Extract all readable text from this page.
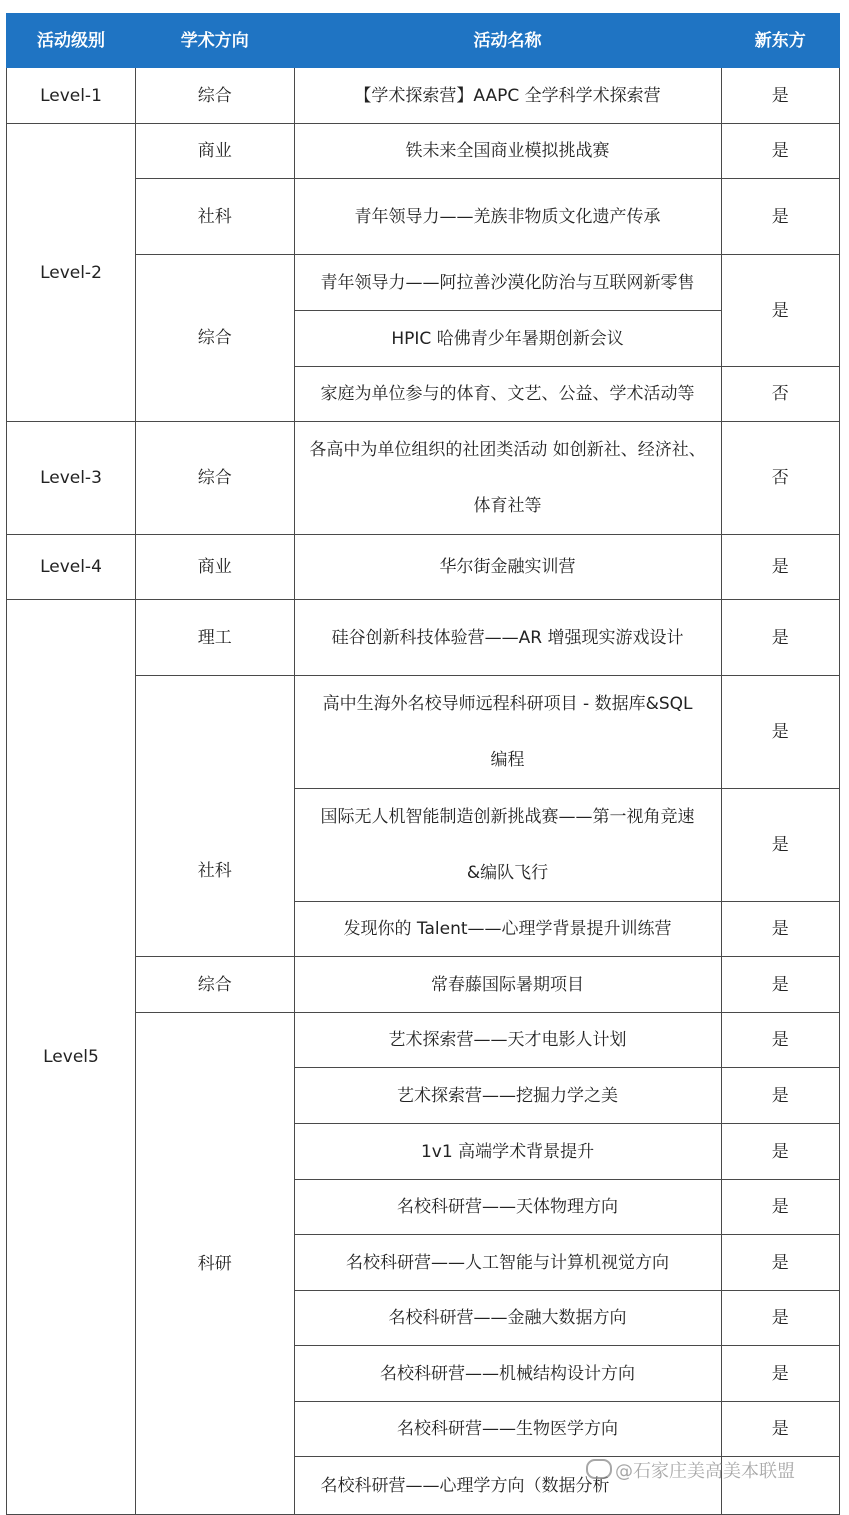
活动级别	学术方向	活动名称	新东方
Level-1	综合	【学术探索营】AAPC 全学科学术探索营	是
Level-2	商业	铁未来全国商业模拟挑战赛	是
	社科	青年领导力——羌族非物质文化遗产传承	是
	综合	青年领导力——阿拉善沙漠化防治与互联网新零售	是
		HPIC 哈佛青少年暑期创新会议	
		家庭为单位参与的体育、文艺、公益、学术活动等	否
Level-3	综合	各高中为单位组织的社团类活动 如创新社、经济社、
体育社等	否
Level-4	商业	华尔街金融实训营	是
Level5	理工	硅谷创新科技体验营——AR 增强现实游戏设计	是
	社科	高中生海外名校导师远程科研项目 - 数据库&SQL
编程	是

		国际无人机智能制造创新挑战赛——第一视角竞速
&编队飞行	是
		发现你的 Talent——心理学背景提升训练营	是
	综合	常春藤国际暑期项目	是
	科研	艺术探索营——天才电影人计划	是
		艺术探索营——挖掘力学之美	是
		1v1 高端学术背景提升	是
		名校科研营——天体物理方向	是
		名校科研营——人工智能与计算机视觉方向	是
		名校科研营——金融大数据方向	是
		名校科研营——机械结构设计方向	是
		名校科研营——生物医学方向	是
		名校科研营——心理学方向（数据分析	
@石家庄美高美本联盟
